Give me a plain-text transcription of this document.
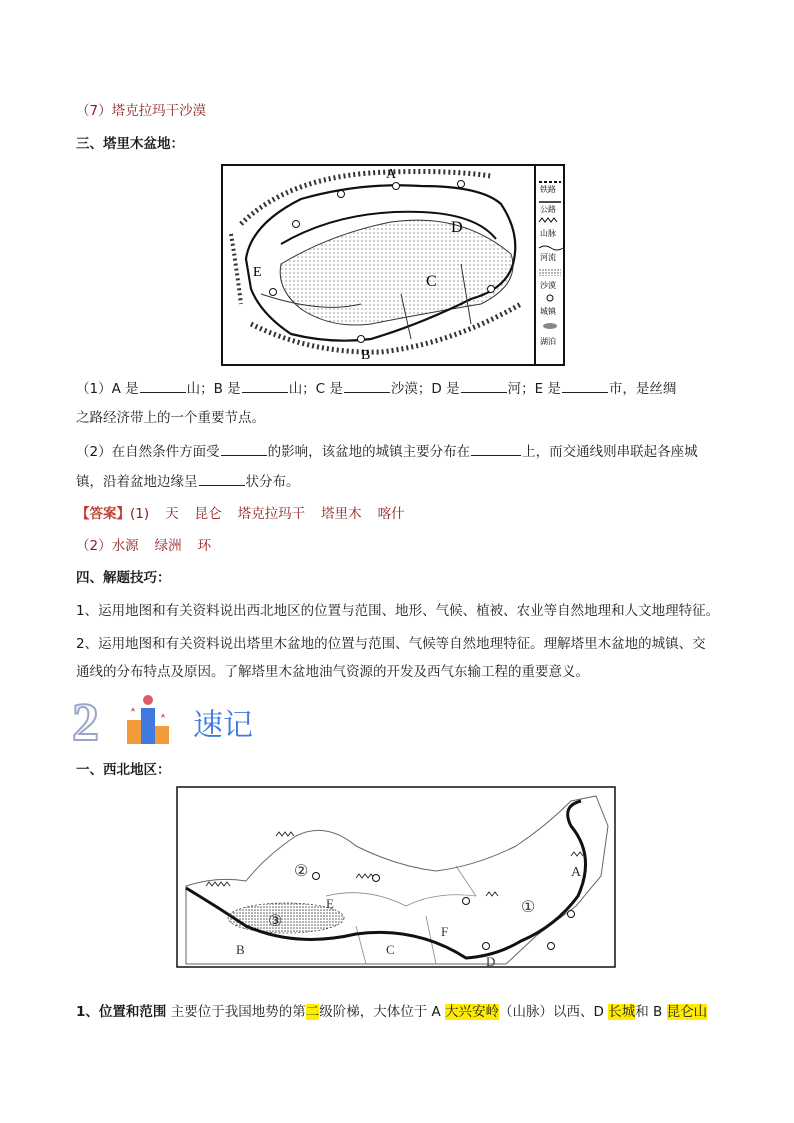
（7）塔克拉玛干沙漠
三、塔里木盆地：
A
B
C
D
E
铁路
公路
山脉
河流
沙漠
城镇
湖泊
（1）A 是	山；B 是	山；C 是	沙漠；D 是	河；E 是	市，是丝绸
之路经济带上的一个重要节点。
（2）在自然条件方面受	的影响，该盆地的城镇主要分布在	上，而交通线则串联起各座城
镇，沿着盆地边缘呈	状分布。
【答案】(1) 天 昆仑 塔克拉玛干 塔里木 喀什
（2）水源 绿洲 环
四、解题技巧：
1、运用地图和有关资料说出西北地区的位置与范围、地形、气候、植被、农业等自然地理和人文地理特征。
2、运用地图和有关资料说出塔里木盆地的位置与范围、气候等自然地理特征。理解塔里木盆地的城镇、交
通线的分布特点及原因。了解塔里木盆地油气资源的开发及西气东输工程的重要意义。
2	速记
一、西北地区：
A
B	C
D
E
F
①
②
③
1、位置和范围 主要位于我国地势的第二级阶梯，大体位于 A 大兴安岭（山脉）以西、D 长城和 B 昆仑山
